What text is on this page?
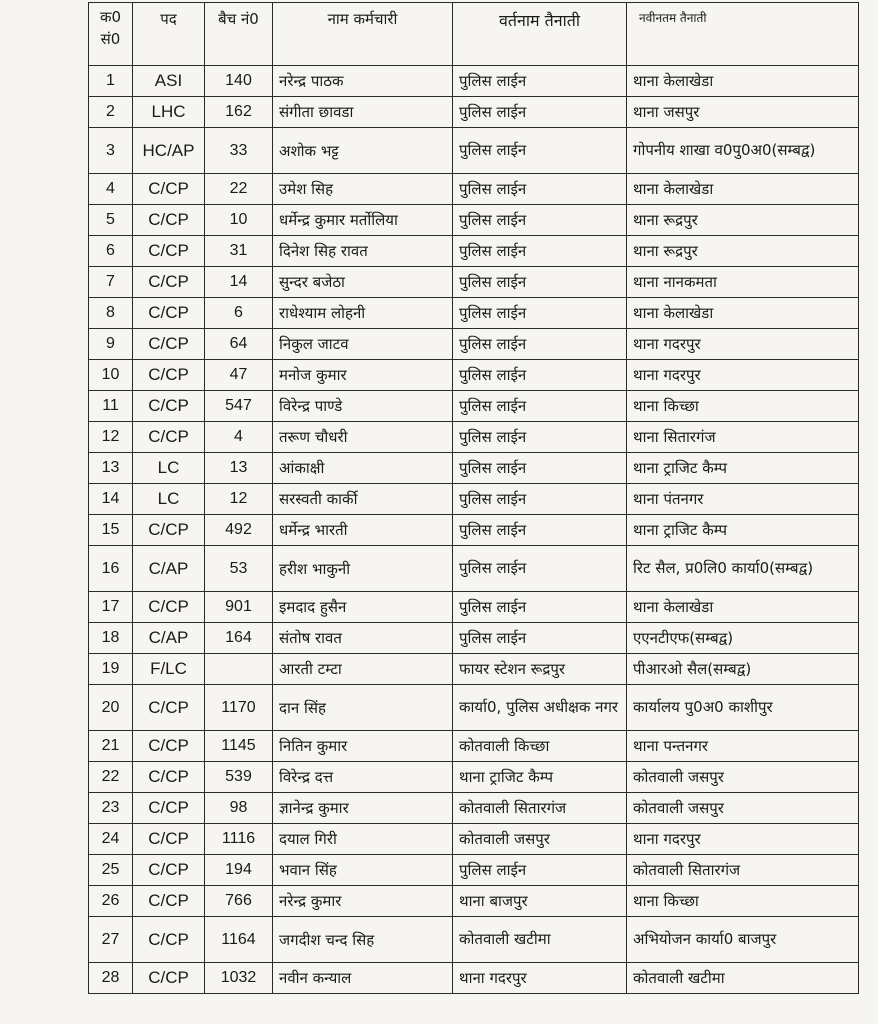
क0
सं0	पद	बैच नं0	नाम कर्मचारी	वर्तनाम तैनाती	नवीनतम तैनाती
1	ASI	140	नरेन्द्र पाठक	पुलिस लाईन	थाना केलाखेडा
2	LHC	162	संगीता छावडा	पुलिस लाईन	थाना जसपुर
3	HC/AP	33	अशोक भट्ट	पुलिस लाईन	गोपनीय शाखा व0पु0अ0(सम्बद्व)
4	C/CP	22	उमेश सिह	पुलिस लाईन	थाना केलाखेडा
5	C/CP	10	धर्मेन्द्र कुमार मर्तोलिया	पुलिस लाईन	थाना रूद्रपुर
6	C/CP	31	दिनेश सिह रावत	पुलिस लाईन	थाना रूद्रपुर
7	C/CP	14	सुन्दर बजेठा	पुलिस लाईन	थाना नानकमता
8	C/CP	6	राधेश्याम लोहनी	पुलिस लाईन	थाना केलाखेडा
9	C/CP	64	निकुल जाटव	पुलिस लाईन	थाना गदरपुर
10	C/CP	47	मनोज कुमार	पुलिस लाईन	थाना गदरपुर
11	C/CP	547	विरेन्द्र पाण्डे	पुलिस लाईन	थाना किच्छा
12	C/CP	4	तरूण चौधरी	पुलिस लाईन	थाना सितारगंज
13	LC	13	आंकाक्षी	पुलिस लाईन	थाना ट्राजिट कैम्प
14	LC	12	सरस्वती कार्की	पुलिस लाईन	थाना पंतनगर
15	C/CP	492	धर्मेन्द्र भारती	पुलिस लाईन	थाना ट्राजिट कैम्प
16	C/AP	53	हरीश भाकुनी	पुलिस लाईन	रिट सैल, प्र0लि0 कार्या0(सम्बद्व)
17	C/CP	901	इमदाद हुसैन	पुलिस लाईन	थाना केलाखेडा
18	C/AP	164	संतोष रावत	पुलिस लाईन	एएनटीएफ(सम्बद्व)
19	F/LC		आरती टम्टा	फायर स्टेशन रूद्रपुर	पीआरओ सैल(सम्बद्व)
20	C/CP	1170	दान सिंह	कार्या0, पुलिस अधीक्षक नगर	कार्यालय पु0अ0 काशीपुर
21	C/CP	1145	नितिन कुमार	कोतवाली किच्छा	थाना पन्तनगर
22	C/CP	539	विरेन्द्र दत्त	थाना ट्राजिट कैम्प	कोतवाली जसपुर
23	C/CP	98	ज्ञानेन्द्र कुमार	कोतवाली सितारगंज	कोतवाली जसपुर
24	C/CP	1116	दयाल गिरी	कोतवाली जसपुर	थाना गदरपुर
25	C/CP	194	भवान सिंह	पुलिस लाईन	कोतवाली सितारगंज
26	C/CP	766	नरेन्द्र कुमार	थाना बाजपुर	थाना किच्छा
27	C/CP	1164	जगदीश चन्द सिह	कोतवाली खटीमा	अभियोजन कार्या0 बाजपुर
28	C/CP	1032	नवीन कन्याल	थाना गदरपुर	कोतवाली खटीमा
